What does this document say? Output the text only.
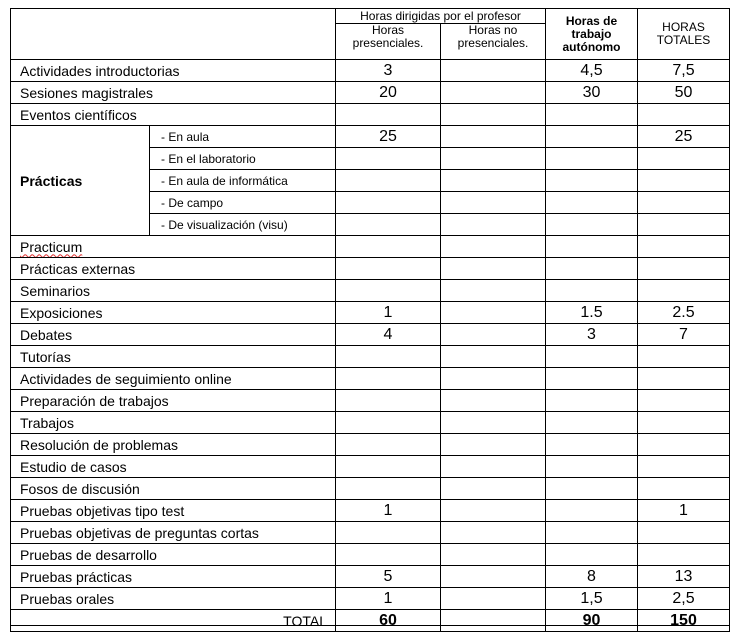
		Horas dirigidas por el profesor		Horas de trabajo autónomo	HORAS TOTALES
		Horas presenciales.	Horas no presenciales.		
Actividades introductorias		3		4,5	7,5
Sesiones magistrales		20		30	50
Eventos científicos					
Prácticas	- En aula	25			25
	- En el laboratorio				
	- En aula de informática				
	- De campo				
	- De visualización (visu)				
Practicum					
Prácticas externas					
Seminarios					
Exposiciones		1		1.5	2.5
Debates		4		3	7
Tutorías					
Actividades de seguimiento online					
Preparación de trabajos					
Trabajos					
Resolución de problemas					
Estudio de casos					
Fosos de discusión					
Pruebas objetivas tipo test		1			1
Pruebas objetivas de preguntas cortas					
Pruebas de desarrollo					
Pruebas prácticas		5		8	13
Pruebas orales		1		1,5	2,5
TOTAL		60		90	150
